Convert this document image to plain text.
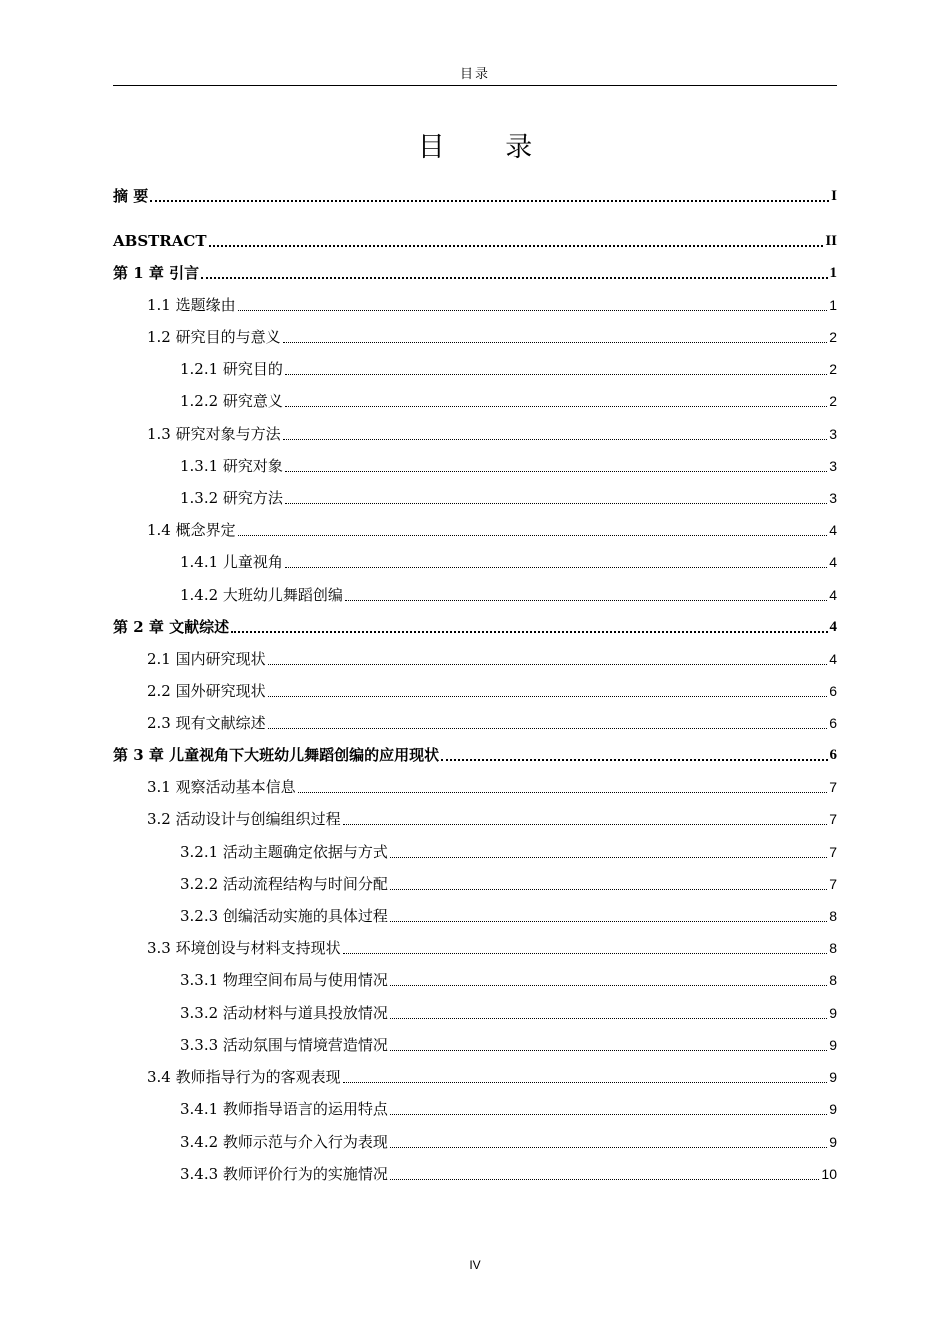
目录
目 录
摘 要	I
ABSTRACT	II
第 1 章 引言	1
1.1 选题缘由	1
1.2 研究目的与意义	2
1.2.1 研究目的	2
1.2.2 研究意义	2
1.3 研究对象与方法	3
1.3.1 研究对象	3
1.3.2 研究方法	3
1.4 概念界定	4
1.4.1 儿童视角	4
1.4.2 大班幼儿舞蹈创编	4
第 2 章 文献综述	4
2.1 国内研究现状	4
2.2 国外研究现状	6
2.3 现有文献综述	6
第 3 章 儿童视角下大班幼儿舞蹈创编的应用现状	6
3.1 观察活动基本信息	7
3.2 活动设计与创编组织过程	7
3.2.1 活动主题确定依据与方式	7
3.2.2 活动流程结构与时间分配	7
3.2.3 创编活动实施的具体过程	8
3.3 环境创设与材料支持现状	8
3.3.1 物理空间布局与使用情况	8
3.3.2 活动材料与道具投放情况	9
3.3.3 活动氛围与情境营造情况	9
3.4 教师指导行为的客观表现	9
3.4.1 教师指导语言的运用特点	9
3.4.2 教师示范与介入行为表现	9
3.4.3 教师评价行为的实施情况	10
IV
